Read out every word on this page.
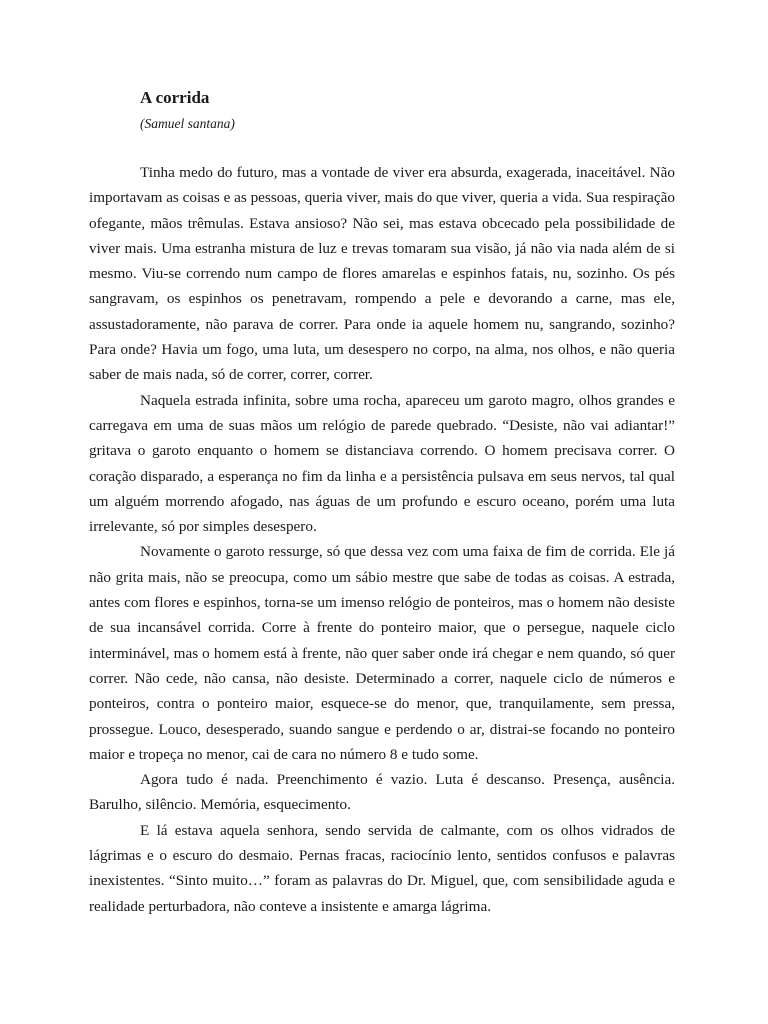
A corrida
(Samuel santana)

Tinha medo do futuro, mas a vontade de viver era absurda, exagerada, inaceitável. Não importavam as coisas e as pessoas, queria viver, mais do que viver, queria a vida. Sua respiração ofegante, mãos trêmulas. Estava ansioso? Não sei, mas estava obcecado pela possibilidade de viver mais. Uma estranha mistura de luz e trevas tomaram sua visão, já não via nada além de si mesmo. Viu-se correndo num campo de flores amarelas e espinhos fatais, nu, sozinho. Os pés sangravam, os espinhos os penetravam, rompendo a pele e devorando a carne, mas ele, assustadoramente, não parava de correr. Para onde ia aquele homem nu, sangrando, sozinho? Para onde? Havia um fogo, uma luta, um desespero no corpo, na alma, nos olhos, e não queria saber de mais nada, só de correr, correr, correr.

Naquela estrada infinita, sobre uma rocha, apareceu um garoto magro, olhos grandes e carregava em uma de suas mãos um relógio de parede quebrado. “Desiste, não vai adiantar!” gritava o garoto enquanto o homem se distanciava correndo. O homem precisava correr. O coração disparado, a esperança no fim da linha e a persistência pulsava em seus nervos, tal qual um alguém morrendo afogado, nas águas de um profundo e escuro oceano, porém uma luta irrelevante, só por simples desespero.

Novamente o garoto ressurge, só que dessa vez com uma faixa de fim de corrida. Ele já não grita mais, não se preocupa, como um sábio mestre que sabe de todas as coisas. A estrada, antes com flores e espinhos, torna-se um imenso relógio de ponteiros, mas o homem não desiste de sua incansável corrida. Corre à frente do ponteiro maior, que o persegue, naquele ciclo interminável, mas o homem está à frente, não quer saber onde irá chegar e nem quando, só quer correr. Não cede, não cansa, não desiste. Determinado a correr, naquele ciclo de números e ponteiros, contra o ponteiro maior, esquece-se do menor, que, tranquilamente, sem pressa, prossegue. Louco, desesperado, suando sangue e perdendo o ar, distrai-se focando no ponteiro maior e tropeça no menor, cai de cara no número 8 e tudo some.

Agora tudo é nada. Preenchimento é vazio. Luta é descanso. Presença, ausência. Barulho, silêncio. Memória, esquecimento.

E lá estava aquela senhora, sendo servida de calmante, com os olhos vidrados de lágrimas e o escuro do desmaio. Pernas fracas, raciocínio lento, sentidos confusos e palavras inexistentes. “Sinto muito…” foram as palavras do Dr. Miguel, que, com sensibilidade aguda e realidade perturbadora, não conteve a insistente e amarga lágrima.
